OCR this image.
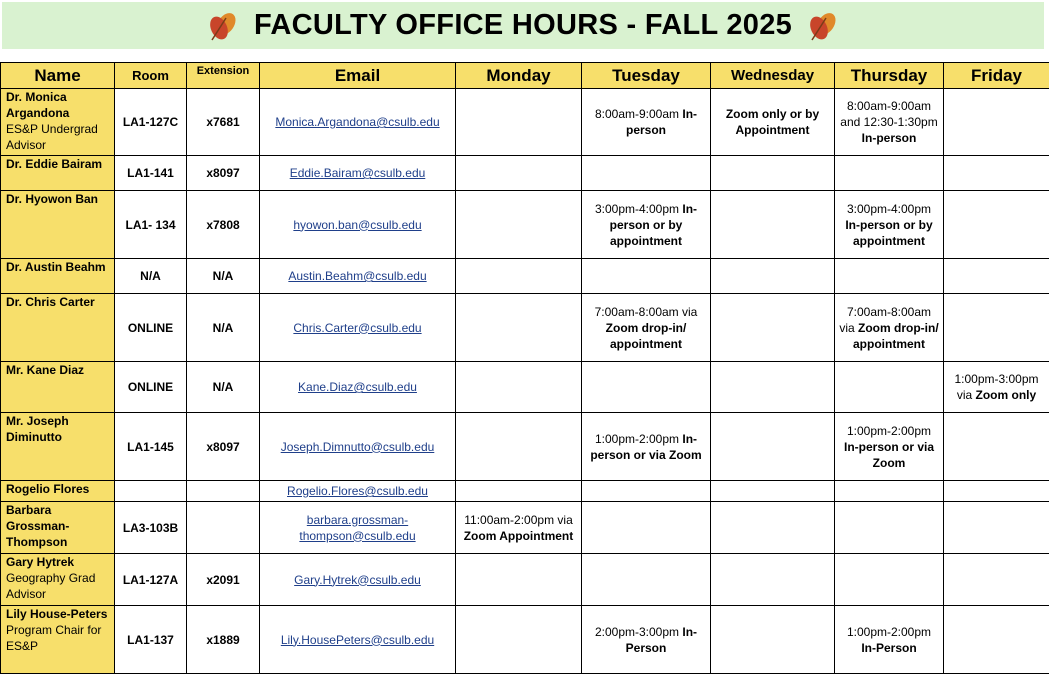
FACULTY OFFICE HOURS - FALL 2025
Name	Room	Extension	Email	Monday	Tuesday	Wednesday	Thursday	Friday

Dr. Monica Argandona
ES&P Undergrad Advisor	LA1-127C	x7681	Monica.Argandona@csulb.edu		8:00am-9:00am In-person	Zoom only or by Appointment	8:00am-9:00am and 12:30-1:30pm In-person	

Dr. Eddie Bairam	LA1-141	x8097	Eddie.Bairam@csulb.edu					

Dr. Hyowon Ban	LA1- 134	x7808	hyowon.ban@csulb.edu		3:00pm-4:00pm In-person or by appointment		3:00pm-4:00pm In-person or by appointment	

Dr. Austin Beahm	N/A	N/A	Austin.Beahm@csulb.edu					

Dr. Chris Carter	ONLINE	N/A	Chris.Carter@csulb.edu		7:00am-8:00am via Zoom drop-in/ appointment		7:00am-8:00am via Zoom drop-in/ appointment	

Mr. Kane Diaz	ONLINE	N/A	Kane.Diaz@csulb.edu					1:00pm-3:00pm via Zoom only

Mr. Joseph Diminutto	LA1-145	x8097	Joseph.Dimnutto@csulb.edu		1:00pm-2:00pm In-person or via Zoom		1:00pm-2:00pm In-person or via Zoom	

Rogelio Flores			Rogelio.Flores@csulb.edu					

Barbara Grossman-Thompson	LA3-103B		barbara.grossman-thompson@csulb.edu	11:00am-2:00pm via Zoom Appointment				

Gary Hytrek
Geography Grad Advisor	LA1-127A	x2091	Gary.Hytrek@csulb.edu					

Lily House-Peters
Program Chair for ES&P	LA1-137	x1889	Lily.HousePeters@csulb.edu		2:00pm-3:00pm In-Person		1:00pm-2:00pm In-Person	
